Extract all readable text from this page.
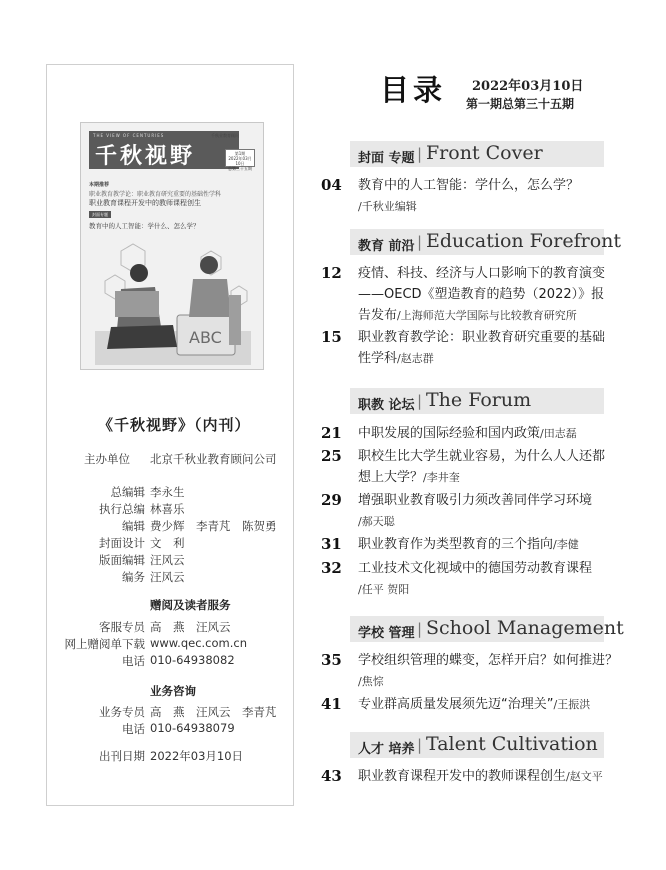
THE VIEW OF CENTURIES
千秋视野
千秋业教育顾问
第1期
2022年03月10日
总第三十五期
本期推荐
职业教育教学论：职业教育研究重要的基础性学科
职业教育课程开发中的教师课程创生
封面专题
教育中的人工智能：学什么、怎么学？
ABC
《千秋视野》（内刊）
主办单位 北京千秋业教育顾问公司
总编辑 李永生
执行总编 林喜乐
编辑 费少辉　李青芃　陈贺勇
封面设计 文　利
版面编辑 汪风云
编务 汪风云
赠阅及读者服务
客服专员 高　燕　汪风云
网上赠阅单下载 www.qec.com.cn
电话 010-64938082
业务咨询
业务专员 高　燕　汪风云　李青芃
电话 010-64938079
出刊日期 2022年03月10日
目录 2022年03月10日
第一期总第三十五期
封面 专题 | Front Cover
教育 前沿 | Education Forefront
职教 论坛 | The Forum
学校 管理 | School Management
人才 培养 | Talent Cultivation
04 教育中的人工智能：学什么，怎么学？
/千秋业编辑
12 疫情、科技、经济与人口影响下的教育演变
——OECD《塑造教育的趋势（2022）》报
告发布/上海师范大学国际与比较教育研究所
15 职业教育教学论：职业教育研究重要的基础
性学科/赵志群
21 中职发展的国际经验和国内政策/田志磊
25 职校生比大学生就业容易，为什么人人还都
想上大学？/李井奎
29 增强职业教育吸引力须改善同伴学习环境
/郝天聪
31 职业教育作为类型教育的三个指向/李健
32 工业技术文化视域中的德国劳动教育课程
/任平 贺阳
35 学校组织管理的蝶变，怎样开启？如何推进？
/焦悰
41 专业群高质量发展须先迈“治理关”/王振洪
43 职业教育课程开发中的教师课程创生/赵文平
